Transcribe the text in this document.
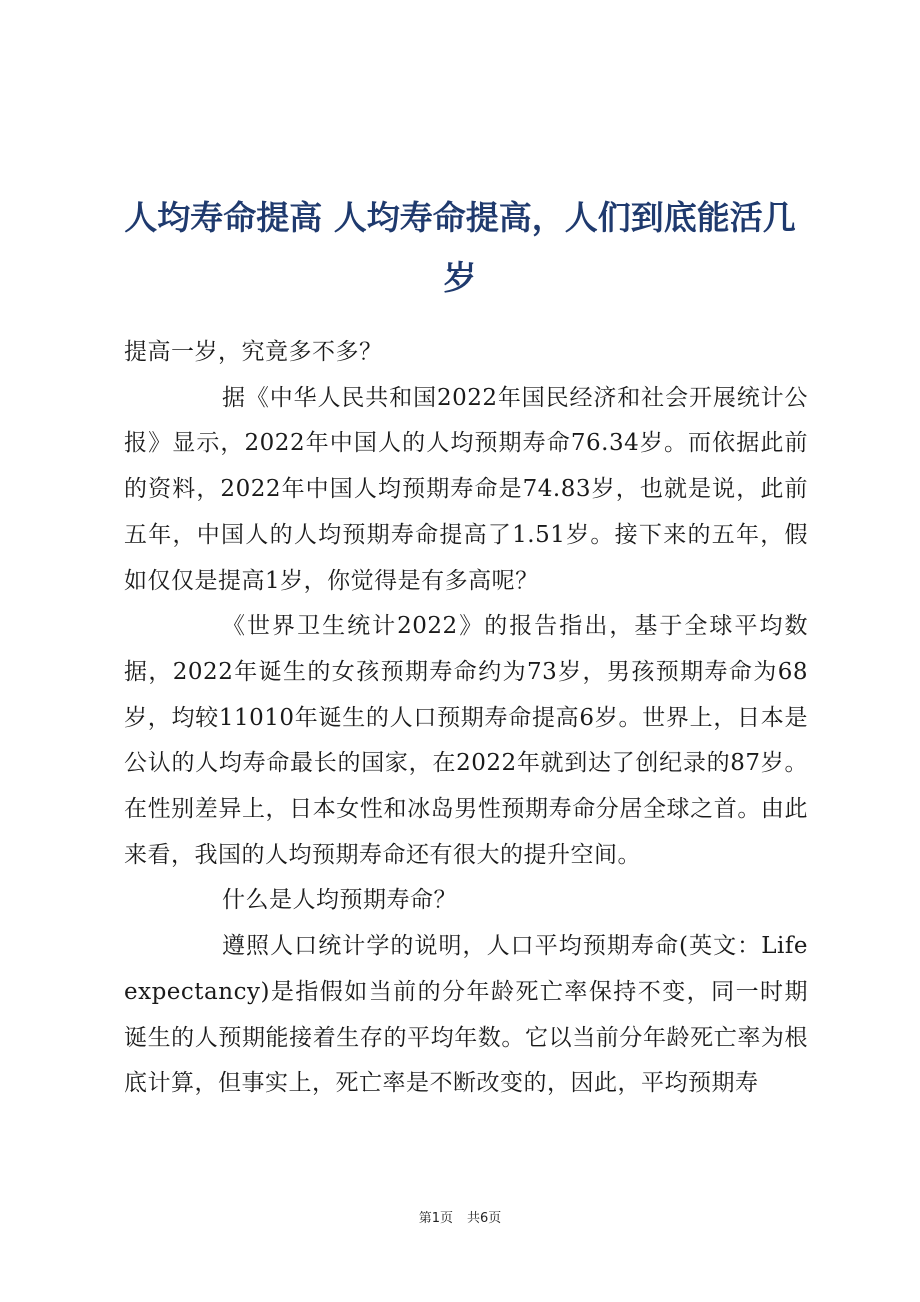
人均寿命提高 人均寿命提高，人们到底能活几岁

提高一岁，究竟多不多？

据《中华人民共和国2022年国民经济和社会开展统计公报》显示，2022年中国人的人均预期寿命76.34岁。而依据此前的资料，2022年中国人均预期寿命是74.83岁，也就是说，此前五年，中国人的人均预期寿命提高了1.51岁。接下来的五年，假如仅仅是提高1岁，你觉得是有多高呢？

《世界卫生统计2022》的报告指出，基于全球平均数据，2022年诞生的女孩预期寿命约为73岁，男孩预期寿命为68岁，均较11010年诞生的人口预期寿命提高6岁。世界上，日本是公认的人均寿命最长的国家，在2022年就到达了创纪录的87岁。在性别差异上，日本女性和冰岛男性预期寿命分居全球之首。由此来看，我国的人均预期寿命还有很大的提升空间。

什么是人均预期寿命？

遵照人口统计学的说明，人口平均预期寿命(英文：Life expectancy)是指假如当前的分年龄死亡率保持不变，同一时期诞生的人预期能接着生存的平均年数。它以当前分年龄死亡率为根底计算，但事实上，死亡率是不断改变的，因此，平均预期寿

第1页 共6页
